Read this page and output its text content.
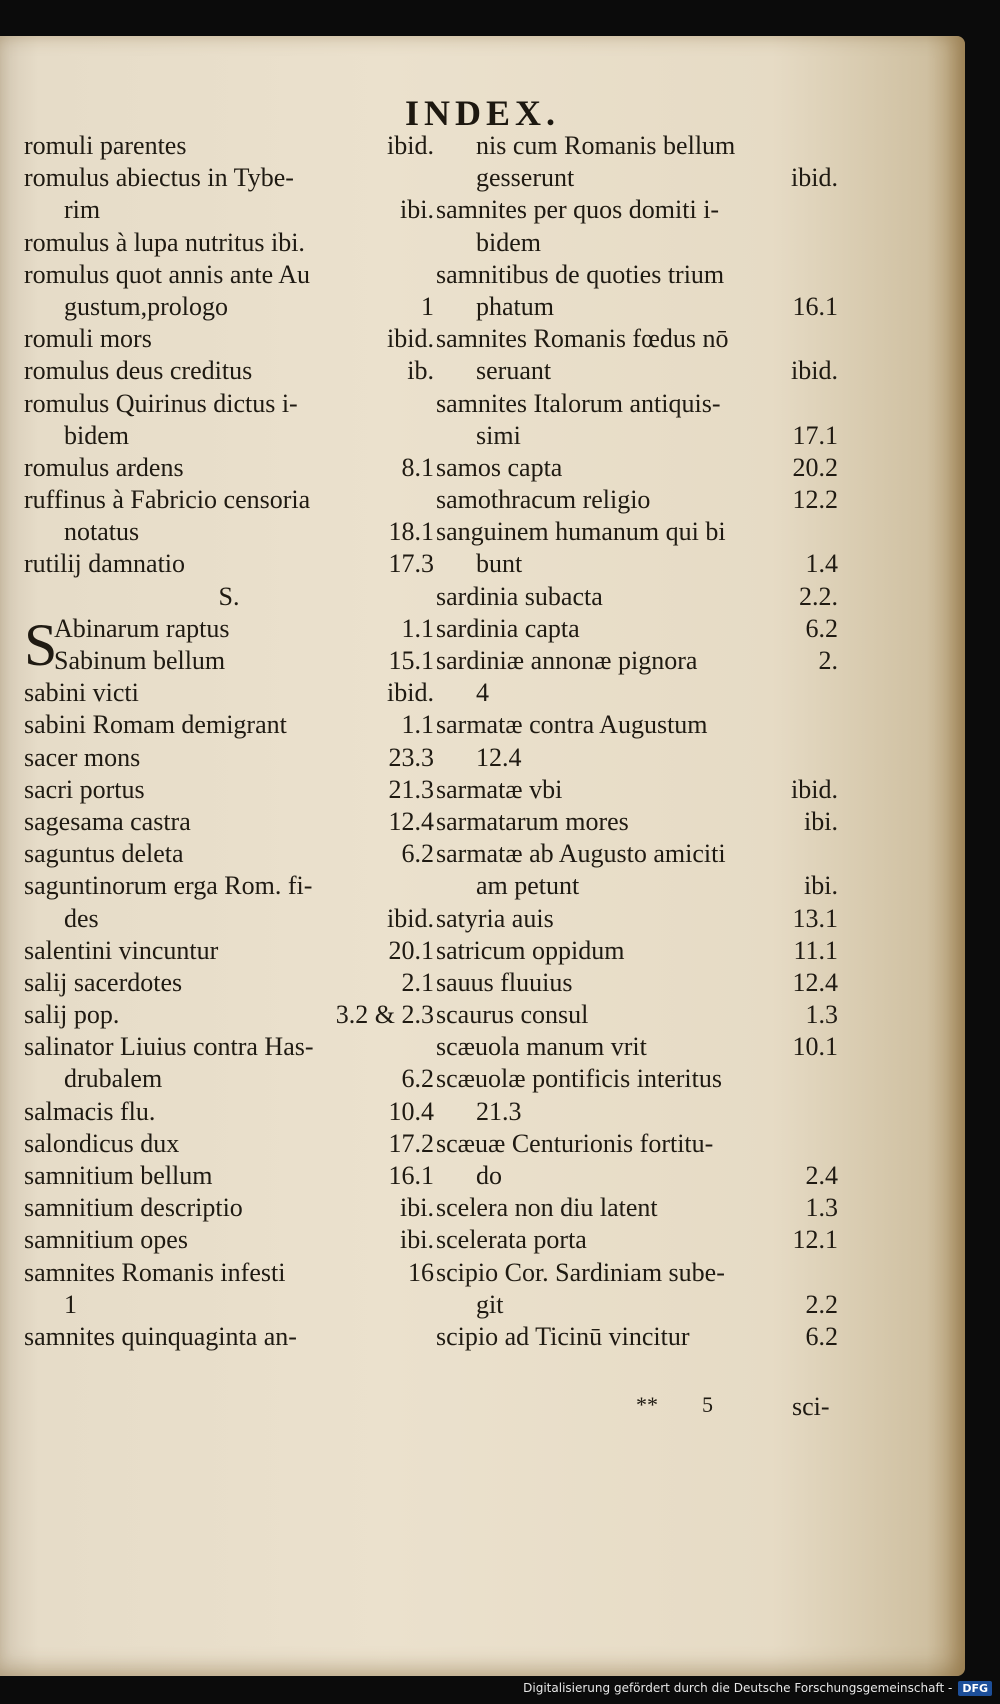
INDEX.
romuli parentes	ibid.
romulus abiectus in Tybe-
rim	ibi.
romulus à lupa nutritus ibi.
romulus quot annis ante Au
gustum,prologo	1
romuli mors	ibid.
romulus deus creditus	ib.
romulus Quirinus dictus i-
bidem
romulus ardens	8.1
ruffinus à Fabricio censoria
notatus	18.1
rutilij damnatio	17.3
S.
S
Abinarum raptus	1.1
Sabinum bellum	15.1
sabini victi	ibid.
sabini Romam demigrant	1.1
sacer mons	23.3
sacri portus	21.3
sagesama castra	12.4
saguntus deleta	6.2
saguntinorum erga Rom. fi-
des	ibid.
salentini vincuntur	20.1
salij sacerdotes	2.1
salij pop.	3.2 & 2.3
salinator Liuius contra Has-
drubalem	6.2
salmacis flu.	10.4
salondicus dux	17.2
samnitium bellum	16.1
samnitium descriptio	ibi.
samnitium opes	ibi.
samnites Romanis infesti	16
1
samnites quinquaginta an-
nis cum Romanis bellum
gesserunt	ibid.
samnites per quos domiti i-
bidem
samnitibus de quoties trium
phatum	16.1
samnites Romanis fœdus nō
seruant	ibid.
samnites Italorum antiquis-
simi	17.1
samos capta	20.2
samothracum religio	12.2
sanguinem humanum qui bi
bunt	1.4
sardinia subacta	2.2.
sardinia capta	6.2
sardiniæ annonæ pignora	2.
4
sarmatæ contra Augustum
12.4
sarmatæ vbi	ibid.
sarmatarum mores	ibi.
sarmatæ ab Augusto amiciti
am petunt	ibi.
satyria auis	13.1
satricum oppidum	11.1
sauus fluuius	12.4
scaurus consul	1.3
scæuola manum vrit	10.1
scæuolæ pontificis interitus
21.3
scæuæ Centurionis fortitu-
do	2.4
scelera non diu latent	1.3
scelerata porta	12.1
scipio Cor. Sardiniam sube-
git	2.2
scipio ad Ticinū vincitur	6.2
** 5	sci-
Digitalisierung gefördert durch die Deutsche Forschungsgemeinschaft - DFG
